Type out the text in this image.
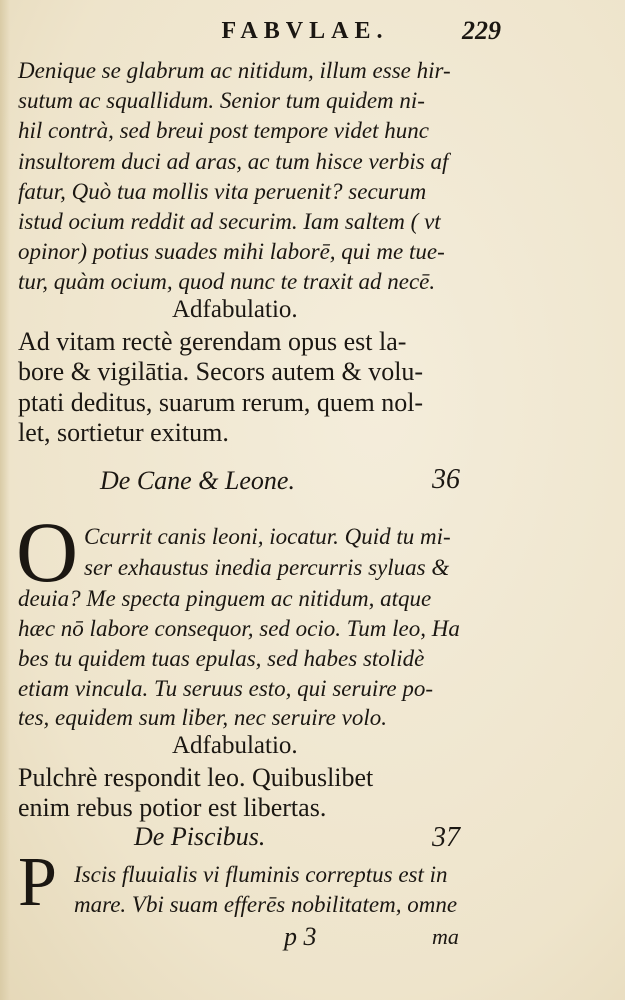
FABVLAE.	229
Denique se glabrum ac nitidum, illum esse hir-
sutum ac squallidum. Senior tum quidem ni-
hil contrà, sed breui post tempore videt hunc
insultorem duci ad aras, ac tum hisce verbis af
fatur, Quò tua mollis vita peruenit? securum
istud ocium reddit ad securim. Iam saltem ( vt
opinor) potius suades mihi laborē, qui me tue-
tur, quàm ocium, quod nunc te traxit ad necē.
Adfabulatio.
Ad vitam rectè gerendam opus est la-
bore & vigilātia. Secors autem & volu-
ptati deditus, suarum rerum, quem nol-
let, sortietur exitum.
De Cane & Leone.	36
O Ccurrit canis leoni, iocatur. Quid tu mi-
ser exhaustus inedia percurris syluas &
deuia? Me specta pinguem ac nitidum, atque
hæc nō labore consequor, sed ocio. Tum leo, Ha
bes tu quidem tuas epulas, sed habes stolidè
etiam vincula. Tu seruus esto, qui seruire po-
tes, equidem sum liber, nec seruire volo.
Adfabulatio.
Pulchrè respondit leo. Quibuslibet
enim rebus potior est libertas.
De Piscibus.	37
P Iscis fluuialis vi fluminis correptus est in
mare. Vbi suam efferēs nobilitatem, omne
p 3	ma
